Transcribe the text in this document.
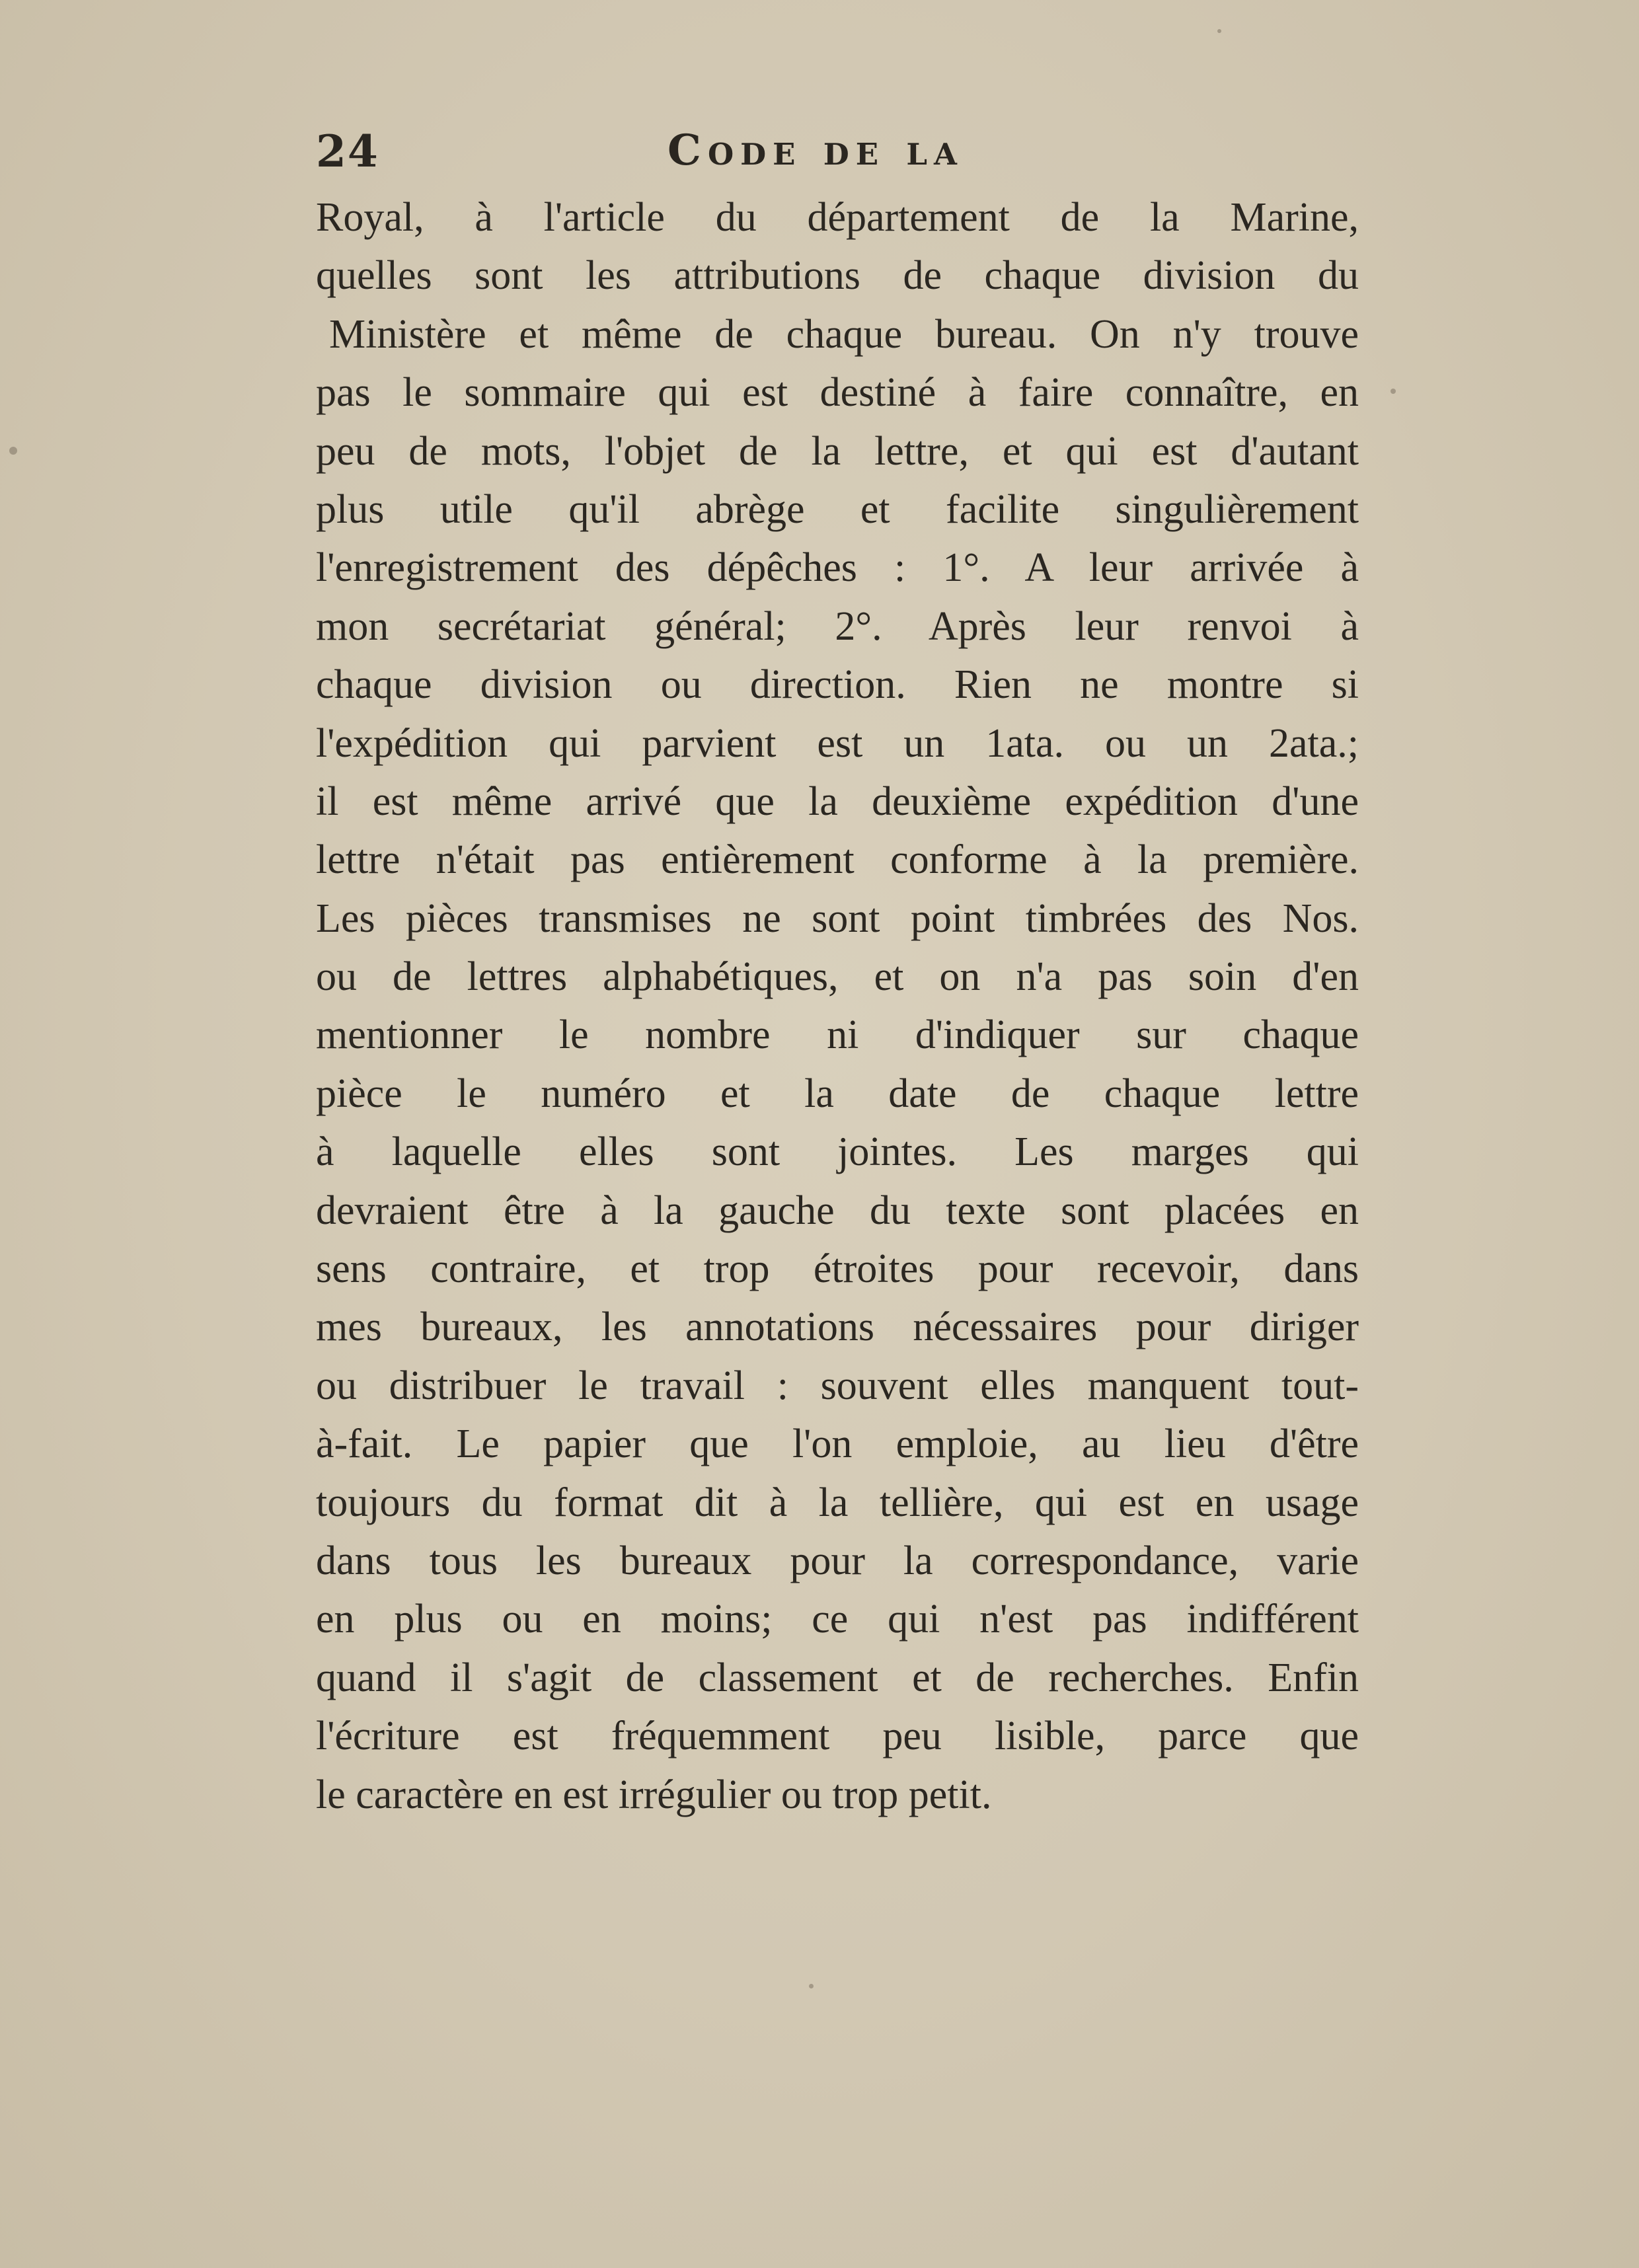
24	Code de la
Royal, à l'article du département de la Marine,
quelles sont les attributions de chaque division du
Ministère et même de chaque bureau. On n'y trouve
pas le sommaire qui est destiné à faire connaître, en
peu de mots, l'objet de la lettre, et qui est d'autant
plus utile qu'il abrège et facilite singulièrement
l'enregistrement des dépêches : 1°. A leur arrivée à
mon secrétariat général; 2°. Après leur renvoi à
chaque division ou direction. Rien ne montre si
l'expédition qui parvient est un 1ata. ou un 2ata.;
il est même arrivé que la deuxième expédition d'une
lettre n'était pas entièrement conforme à la première.
Les pièces transmises ne sont point timbrées des Nos.
ou de lettres alphabétiques, et on n'a pas soin d'en
mentionner le nombre ni d'indiquer sur chaque
pièce le numéro et la date de chaque lettre
à laquelle elles sont jointes. Les marges qui
devraient être à la gauche du texte sont placées en
sens contraire, et trop étroites pour recevoir, dans
mes bureaux, les annotations nécessaires pour diriger
ou distribuer le travail : souvent elles manquent tout-
à-fait. Le papier que l'on emploie, au lieu d'être
toujours du format dit à la tellière, qui est en usage
dans tous les bureaux pour la correspondance, varie
en plus ou en moins; ce qui n'est pas indifférent
quand il s'agit de classement et de recherches. Enfin
l'écriture est fréquemment peu lisible, parce que
le caractère en est irrégulier ou trop petit.
